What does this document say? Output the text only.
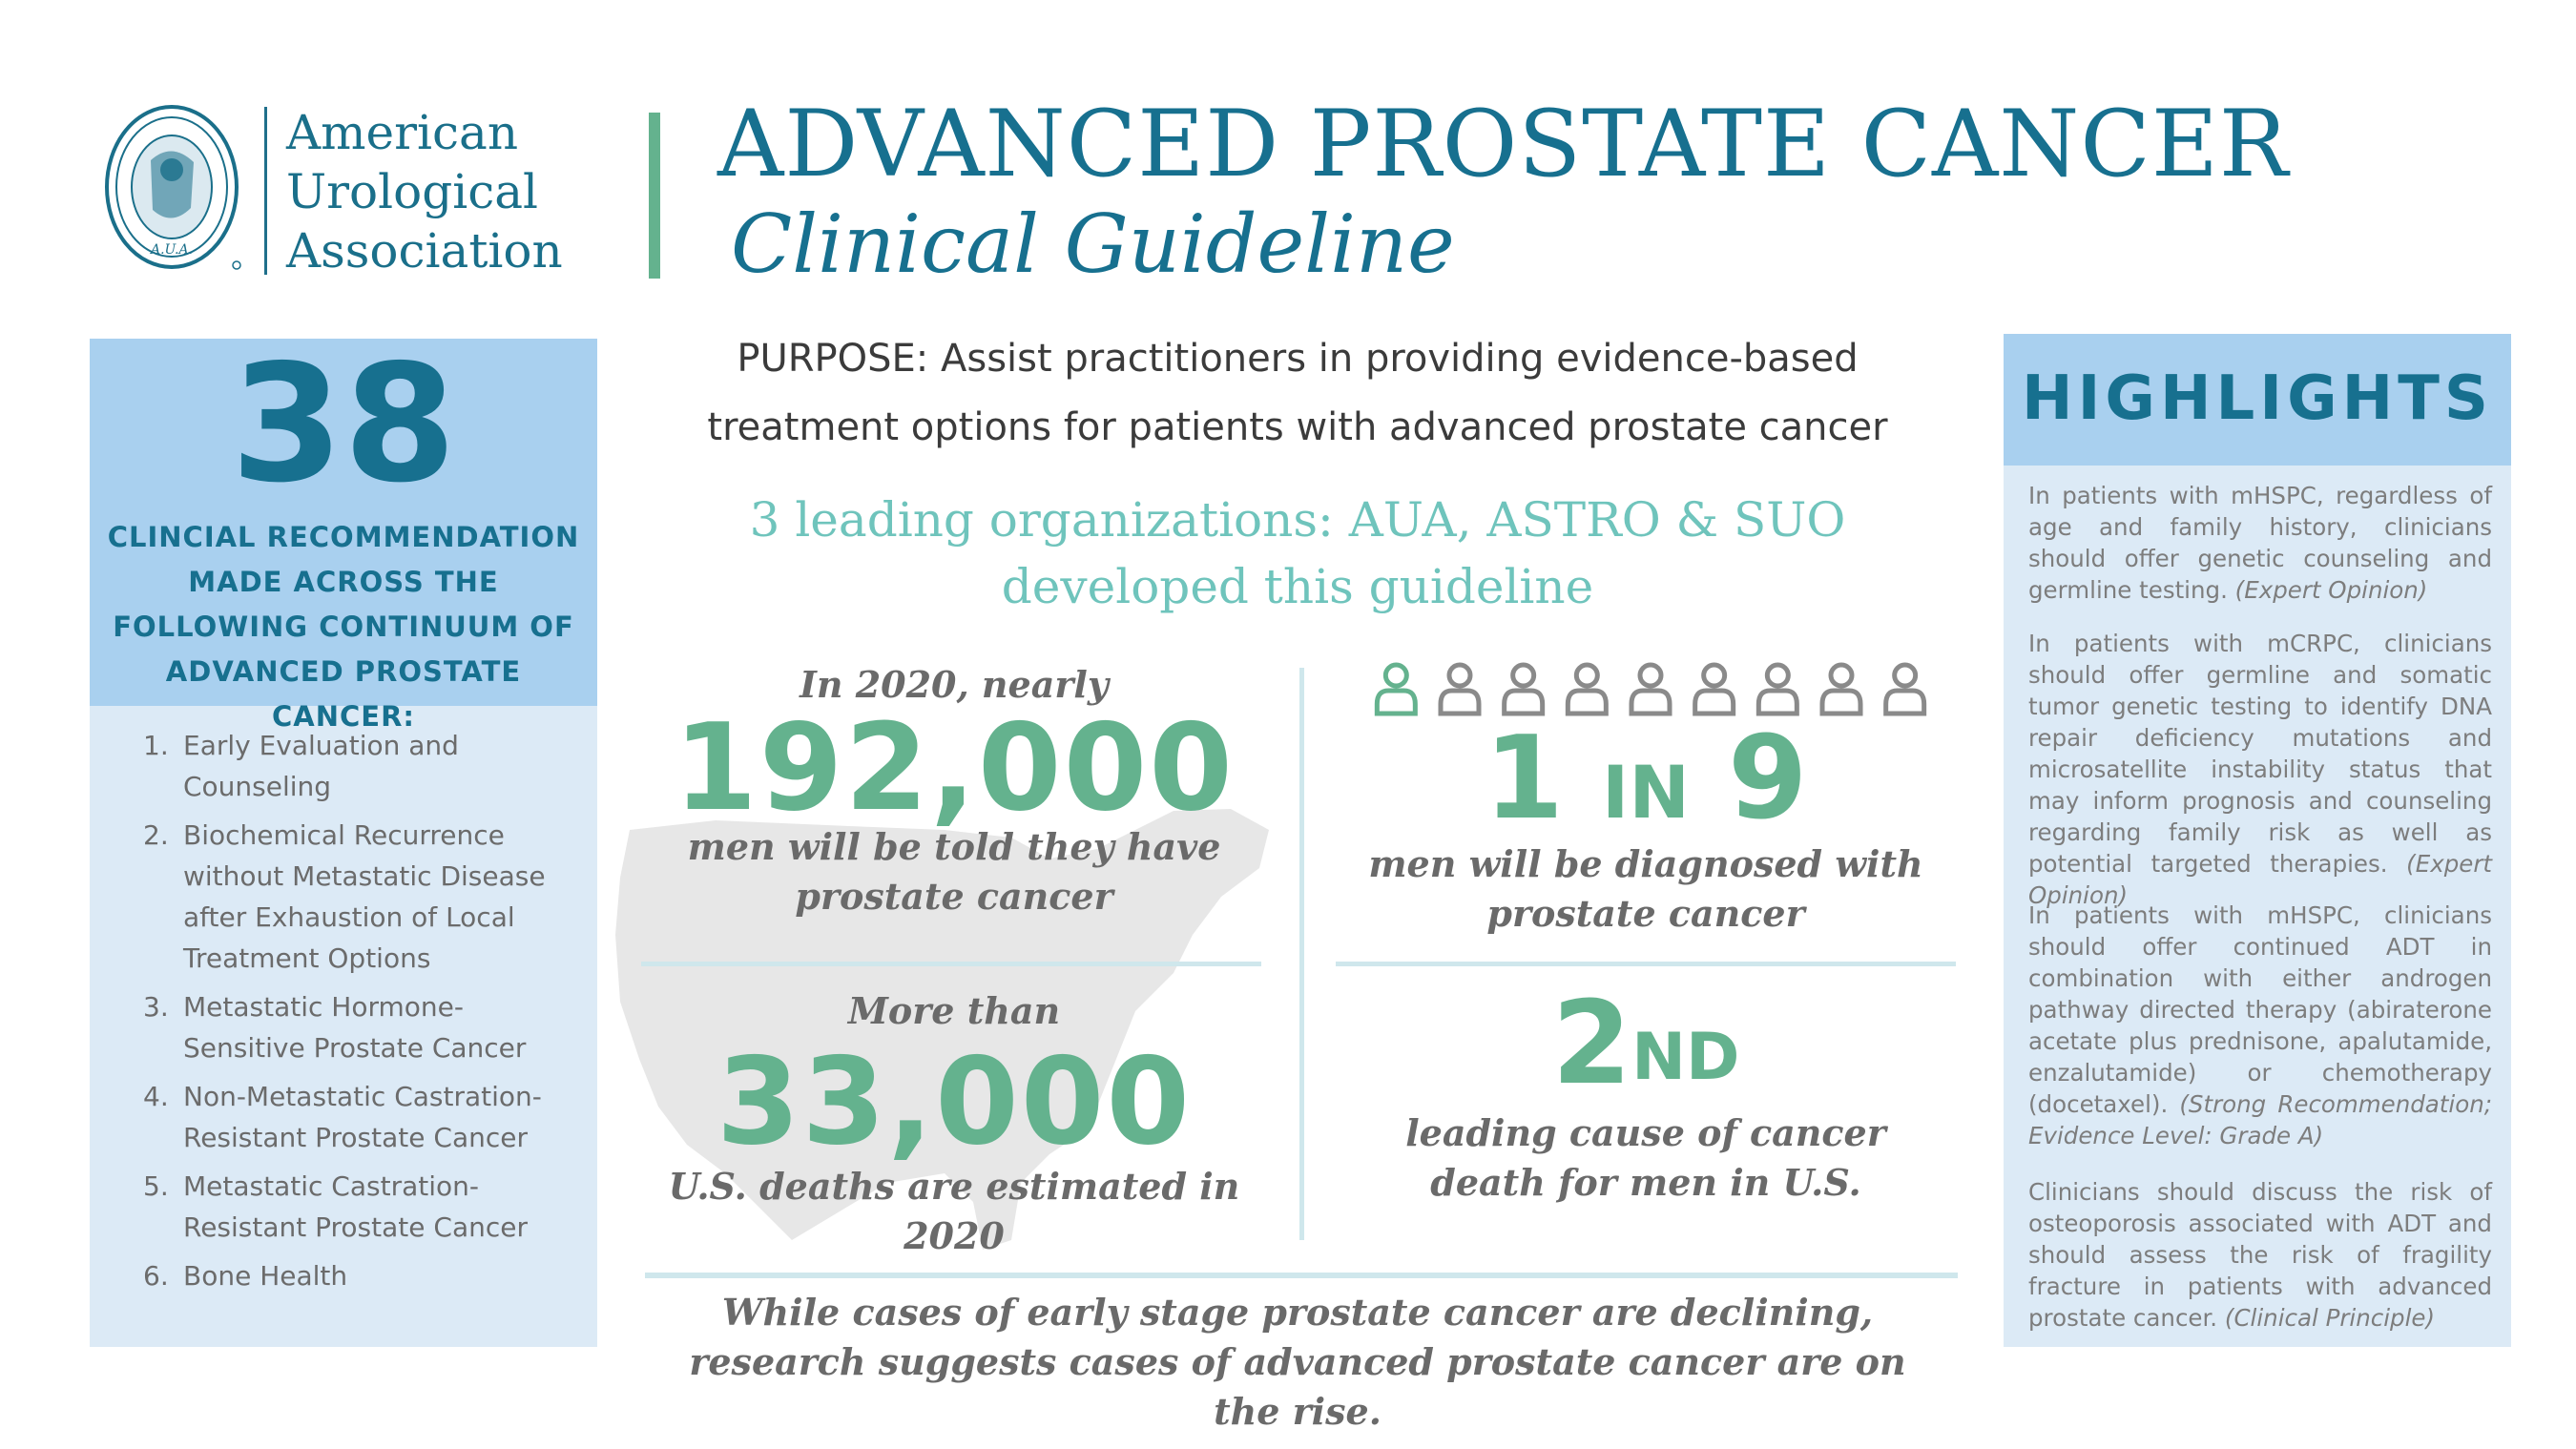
A.U.A.
American
Urological
Association
ADVANCED PROSTATE CANCER
Clinical Guideline
38
CLINCIAL RECOMMENDATION MADE ACROSS THE FOLLOWING CONTINUUM OF ADVANCED PROSTATE CANCER:
1. Early Evaluation and Counseling
2. Biochemical Recurrence without Metastatic Disease after Exhaustion of Local Treatment Options
3. Metastatic Hormone-Sensitive Prostate Cancer
4. Non-Metastatic Castration-Resistant Prostate Cancer
5. Metastatic Castration-Resistant Prostate Cancer
6. Bone Health
PURPOSE: Assist practitioners in providing evidence-based treatment options for patients with advanced prostate cancer
3 leading organizations: AUA, ASTRO & SUO developed this guideline
In 2020, nearly
192,000
men will be told they have prostate cancer
More than
33,000
U.S. deaths are estimated in 2020
1 IN 9
men will be diagnosed with prostate cancer
2ND
leading cause of cancer death for men in U.S.
While cases of early stage prostate cancer are declining, research suggests cases of advanced prostate cancer are on the rise.
HIGHLIGHTS
In patients with mHSPC, regardless of age and family history, clinicians should offer genetic counseling and germline testing. (Expert Opinion)
In patients with mCRPC, clinicians should offer germline and somatic tumor genetic testing to identify DNA repair deficiency mutations and microsatellite instability status that may inform prognosis and counseling regarding family risk as well as potential targeted therapies. (Expert Opinion)
In patients with mHSPC, clinicians should offer continued ADT in combination with either androgen pathway directed therapy (abiraterone acetate plus prednisone, apalutamide, enzalutamide) or chemotherapy (docetaxel). (Strong Recommendation; Evidence Level: Grade A)
Clinicians should discuss the risk of osteoporosis associated with ADT and should assess the risk of fragility fracture in patients with advanced prostate cancer. (Clinical Principle)
